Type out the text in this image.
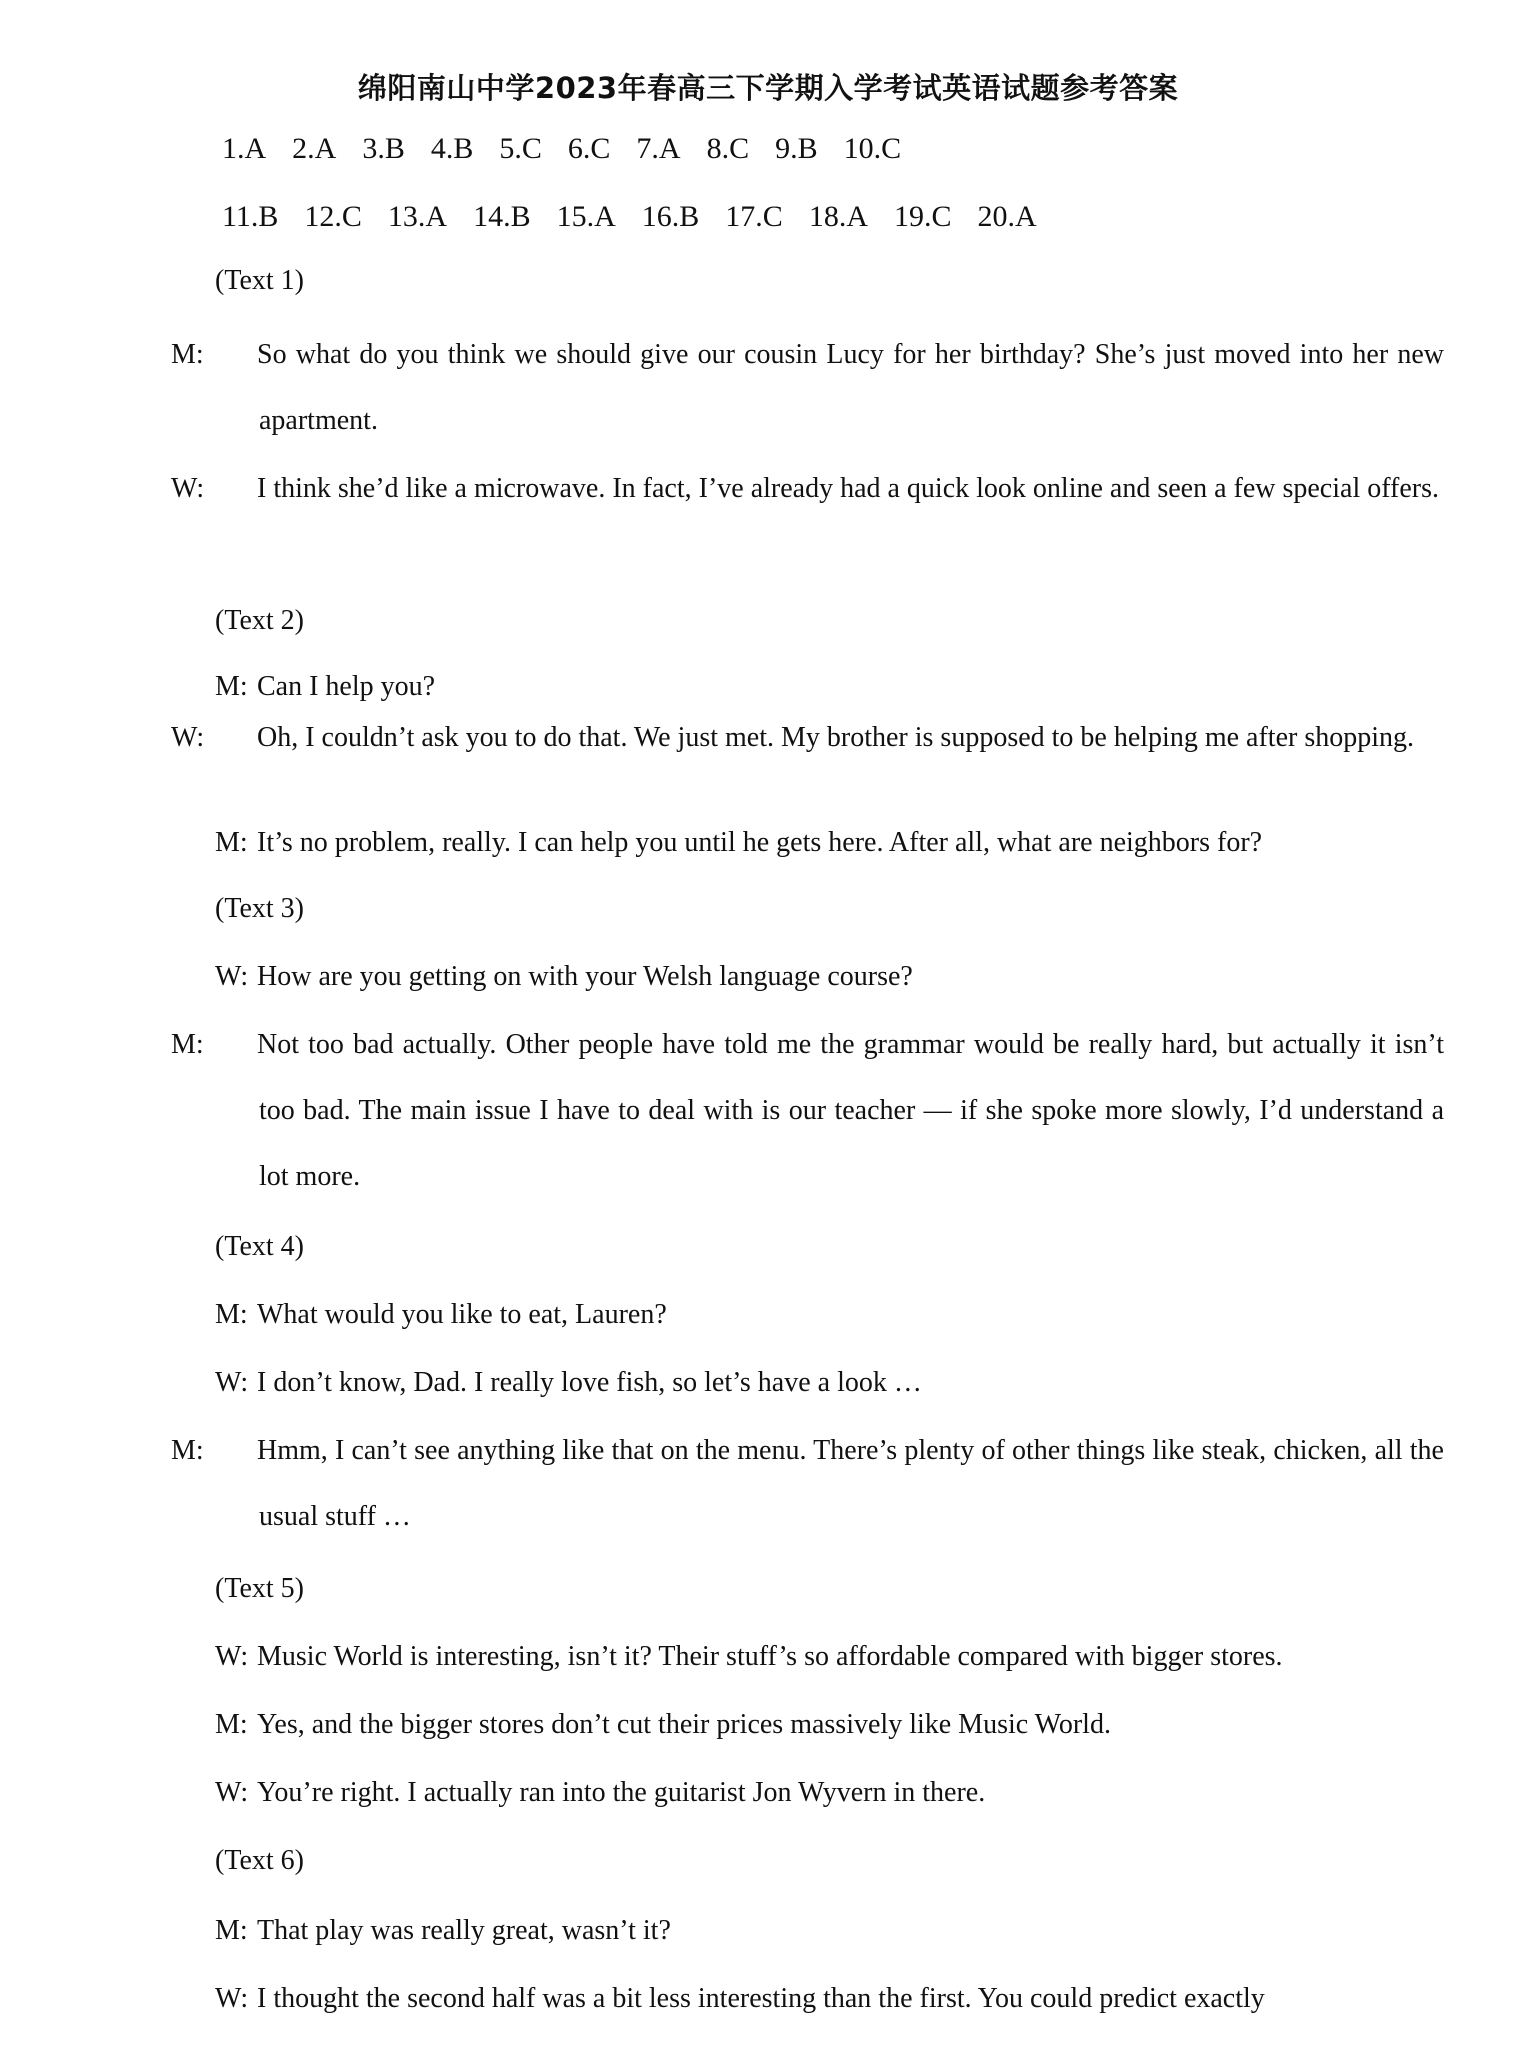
绵阳南山中学2023年春高三下学期入学考试英语试题参考答案
1.A 2.A 3.B 4.B 5.C 6.C 7.A 8.C 9.B 10.C
11.B 12.C 13.A 14.B 15.A 16.B 17.C 18.A 19.C 20.A
(Text 1)
M: So what do you think we should give our cousin Lucy for her birthday? She’s just moved into her new apartment.
W: I think she’d like a microwave. In fact, I’ve already had a quick look online and seen a few special offers.
(Text 2)
M: Can I help you?
W: Oh, I couldn’t ask you to do that. We just met. My brother is supposed to be helping me after shopping.
M: It’s no problem, really. I can help you until he gets here. After all, what are neighbors for?
(Text 3)
W: How are you getting on with your Welsh language course?
M: Not too bad actually. Other people have told me the grammar would be really hard, but actually it isn’t too bad. The main issue I have to deal with is our teacher — if she spoke more slowly, I’d understand a lot more.
(Text 4)
M: What would you like to eat, Lauren?
W: I don’t know, Dad. I really love fish, so let’s have a look …
M: Hmm, I can’t see anything like that on the menu. There’s plenty of other things like steak, chicken, all the usual stuff …
(Text 5)
W: Music World is interesting, isn’t it? Their stuff’s so affordable compared with bigger stores.
M: Yes, and the bigger stores don’t cut their prices massively like Music World.
W: You’re right. I actually ran into the guitarist Jon Wyvern in there.
(Text 6)
M: That play was really great, wasn’t it?
W: I thought the second half was a bit less interesting than the first. You could predict exactly
